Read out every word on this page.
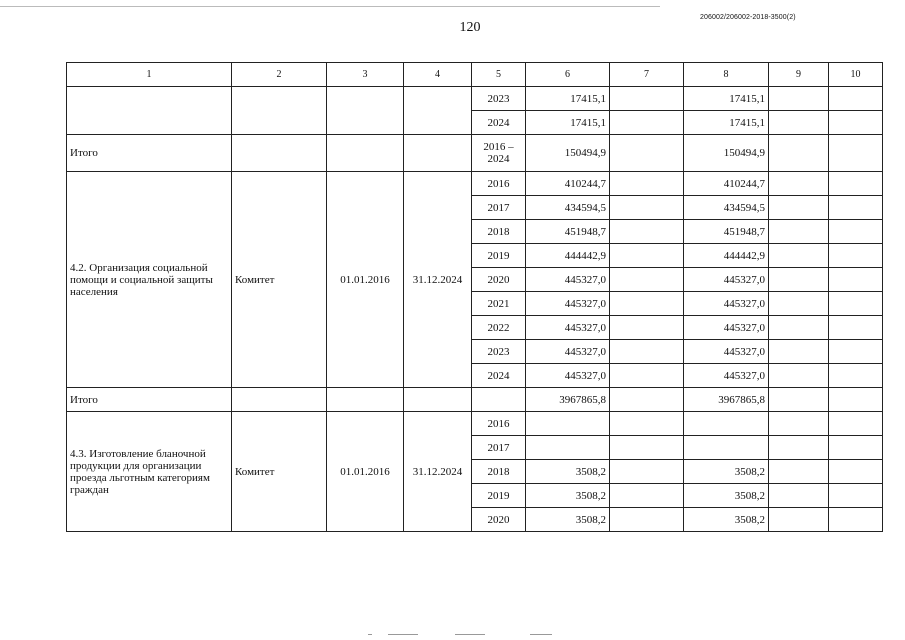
120
206002/206002-2018-3500(2)
1	2	3	4	5	6	7	8	9	10
				2023	17415,1		17415,1		
				2024	17415,1		17415,1		
Итого				2016 – 2024	150494,9		150494,9		
4.2. Организация социальной помощи и социальной защиты населения	Комитет	01.01.2016	31.12.2024	2016	410244,7		410244,7		
				2017	434594,5		434594,5		
				2018	451948,7		451948,7		
				2019	444442,9		444442,9		
				2020	445327,0		445327,0		
				2021	445327,0		445327,0		
				2022	445327,0		445327,0		
				2023	445327,0		445327,0		
				2024	445327,0		445327,0		
Итого					3967865,8		3967865,8		
4.3. Изготовление бланочной продукции для организации проезда льготным категориям граждан	Комитет	01.01.2016	31.12.2024	2016					
				2017					
				2018	3508,2		3508,2		
				2019	3508,2		3508,2		
				2020	3508,2		3508,2		
